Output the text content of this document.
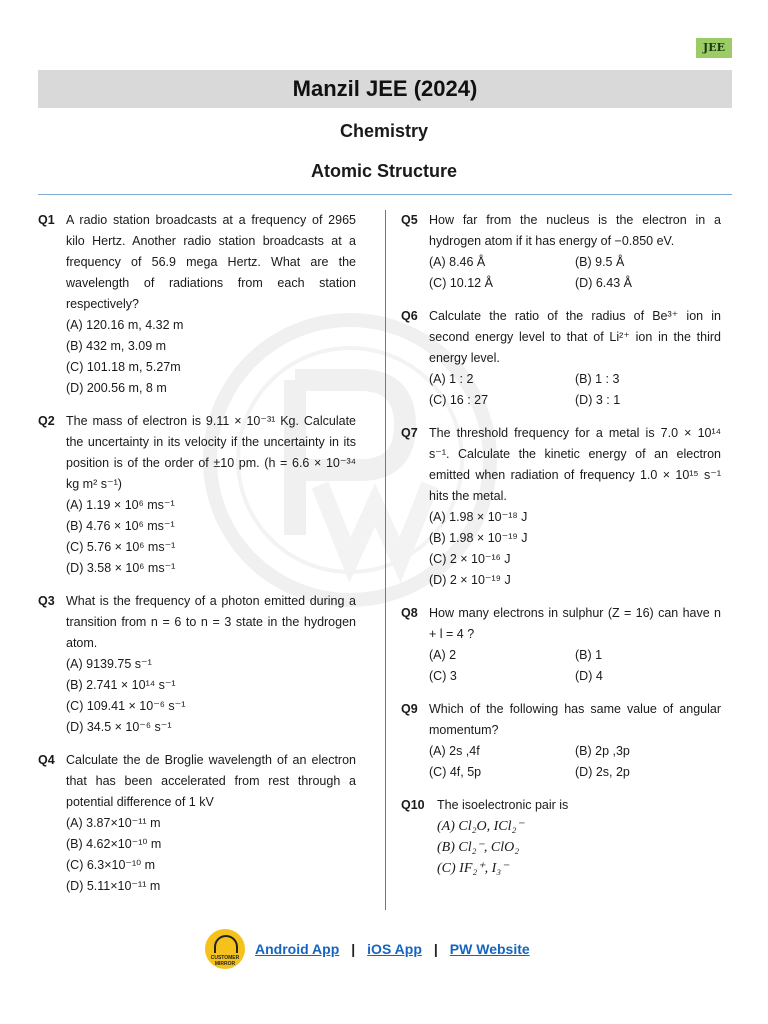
JEE
Manzil JEE (2024)
Chemistry
Atomic Structure
Q1 A radio station broadcasts at a frequency of 2965 kilo Hertz. Another radio station broadcasts at a frequency of 56.9 mega Hertz. What are the wavelength of radiations from each station respectively?
(A) 120.16 m, 4.32 m
(B) 432 m, 3.09 m
(C) 101.18 m, 5.27m
(D) 200.56 m, 8 m
Q2 The mass of electron is 9.11 × 10⁻³¹ Kg. Calculate the uncertainty in its velocity if the uncertainty in its position is of the order of ±10 pm. (h = 6.6 × 10⁻³⁴ kg m² s⁻¹)
(A) 1.19 × 10⁶ ms⁻¹
(B) 4.76 × 10⁶ ms⁻¹
(C) 5.76 × 10⁶ ms⁻¹
(D) 3.58 × 10⁶ ms⁻¹
Q3 What is the frequency of a photon emitted during a transition from n = 6 to n = 3 state in the hydrogen atom.
(A) 9139.75 s⁻¹
(B) 2.741 × 10¹⁴ s⁻¹
(C) 109.41 × 10⁻⁶ s⁻¹
(D) 34.5 × 10⁻⁶ s⁻¹
Q4 Calculate the de Broglie wavelength of an electron that has been accelerated from rest through a potential difference of 1 kV
(A) 3.87×10⁻¹¹ m
(B) 4.62×10⁻¹⁰ m
(C) 6.3×10⁻¹⁰ m
(D) 5.11×10⁻¹¹ m
Q5 How far from the nucleus is the electron in a hydrogen atom if it has energy of −0.850 eV.
(A) 8.46 Å	(B) 9.5 Å
(C) 10.12 Å	(D) 6.43 Å
Q6 Calculate the ratio of the radius of Be³⁺ ion in second energy level to that of Li²⁺ ion in the third energy level.
(A) 1 : 2	(B) 1 : 3
(C) 16 : 27	(D) 3 : 1
Q7 The threshold frequency for a metal is 7.0 × 10¹⁴ s⁻¹. Calculate the kinetic energy of an electron emitted when radiation of frequency 1.0 × 10¹⁵ s⁻¹ hits the metal.
(A) 1.98 × 10⁻¹⁸ J
(B) 1.98 × 10⁻¹⁹ J
(C) 2 × 10⁻¹⁶ J
(D) 2 × 10⁻¹⁹ J
Q8 How many electrons in sulphur (Z = 16) can have n + l = 4 ?
(A) 2	(B) 1
(C) 3	(D) 4
Q9 Which of the following has same value of angular momentum?
(A) 2s ,4f	(B) 2p ,3p
(C) 4f, 5p	(D) 2s, 2p
Q10 The isoelectronic pair is
(A) Cl₂O, ICl₂⁻
(B) Cl₂⁻, ClO₂
(C) IF₂⁺, I₃⁻
CUSTOMER MIRROR
Android App | iOS App | PW Website
